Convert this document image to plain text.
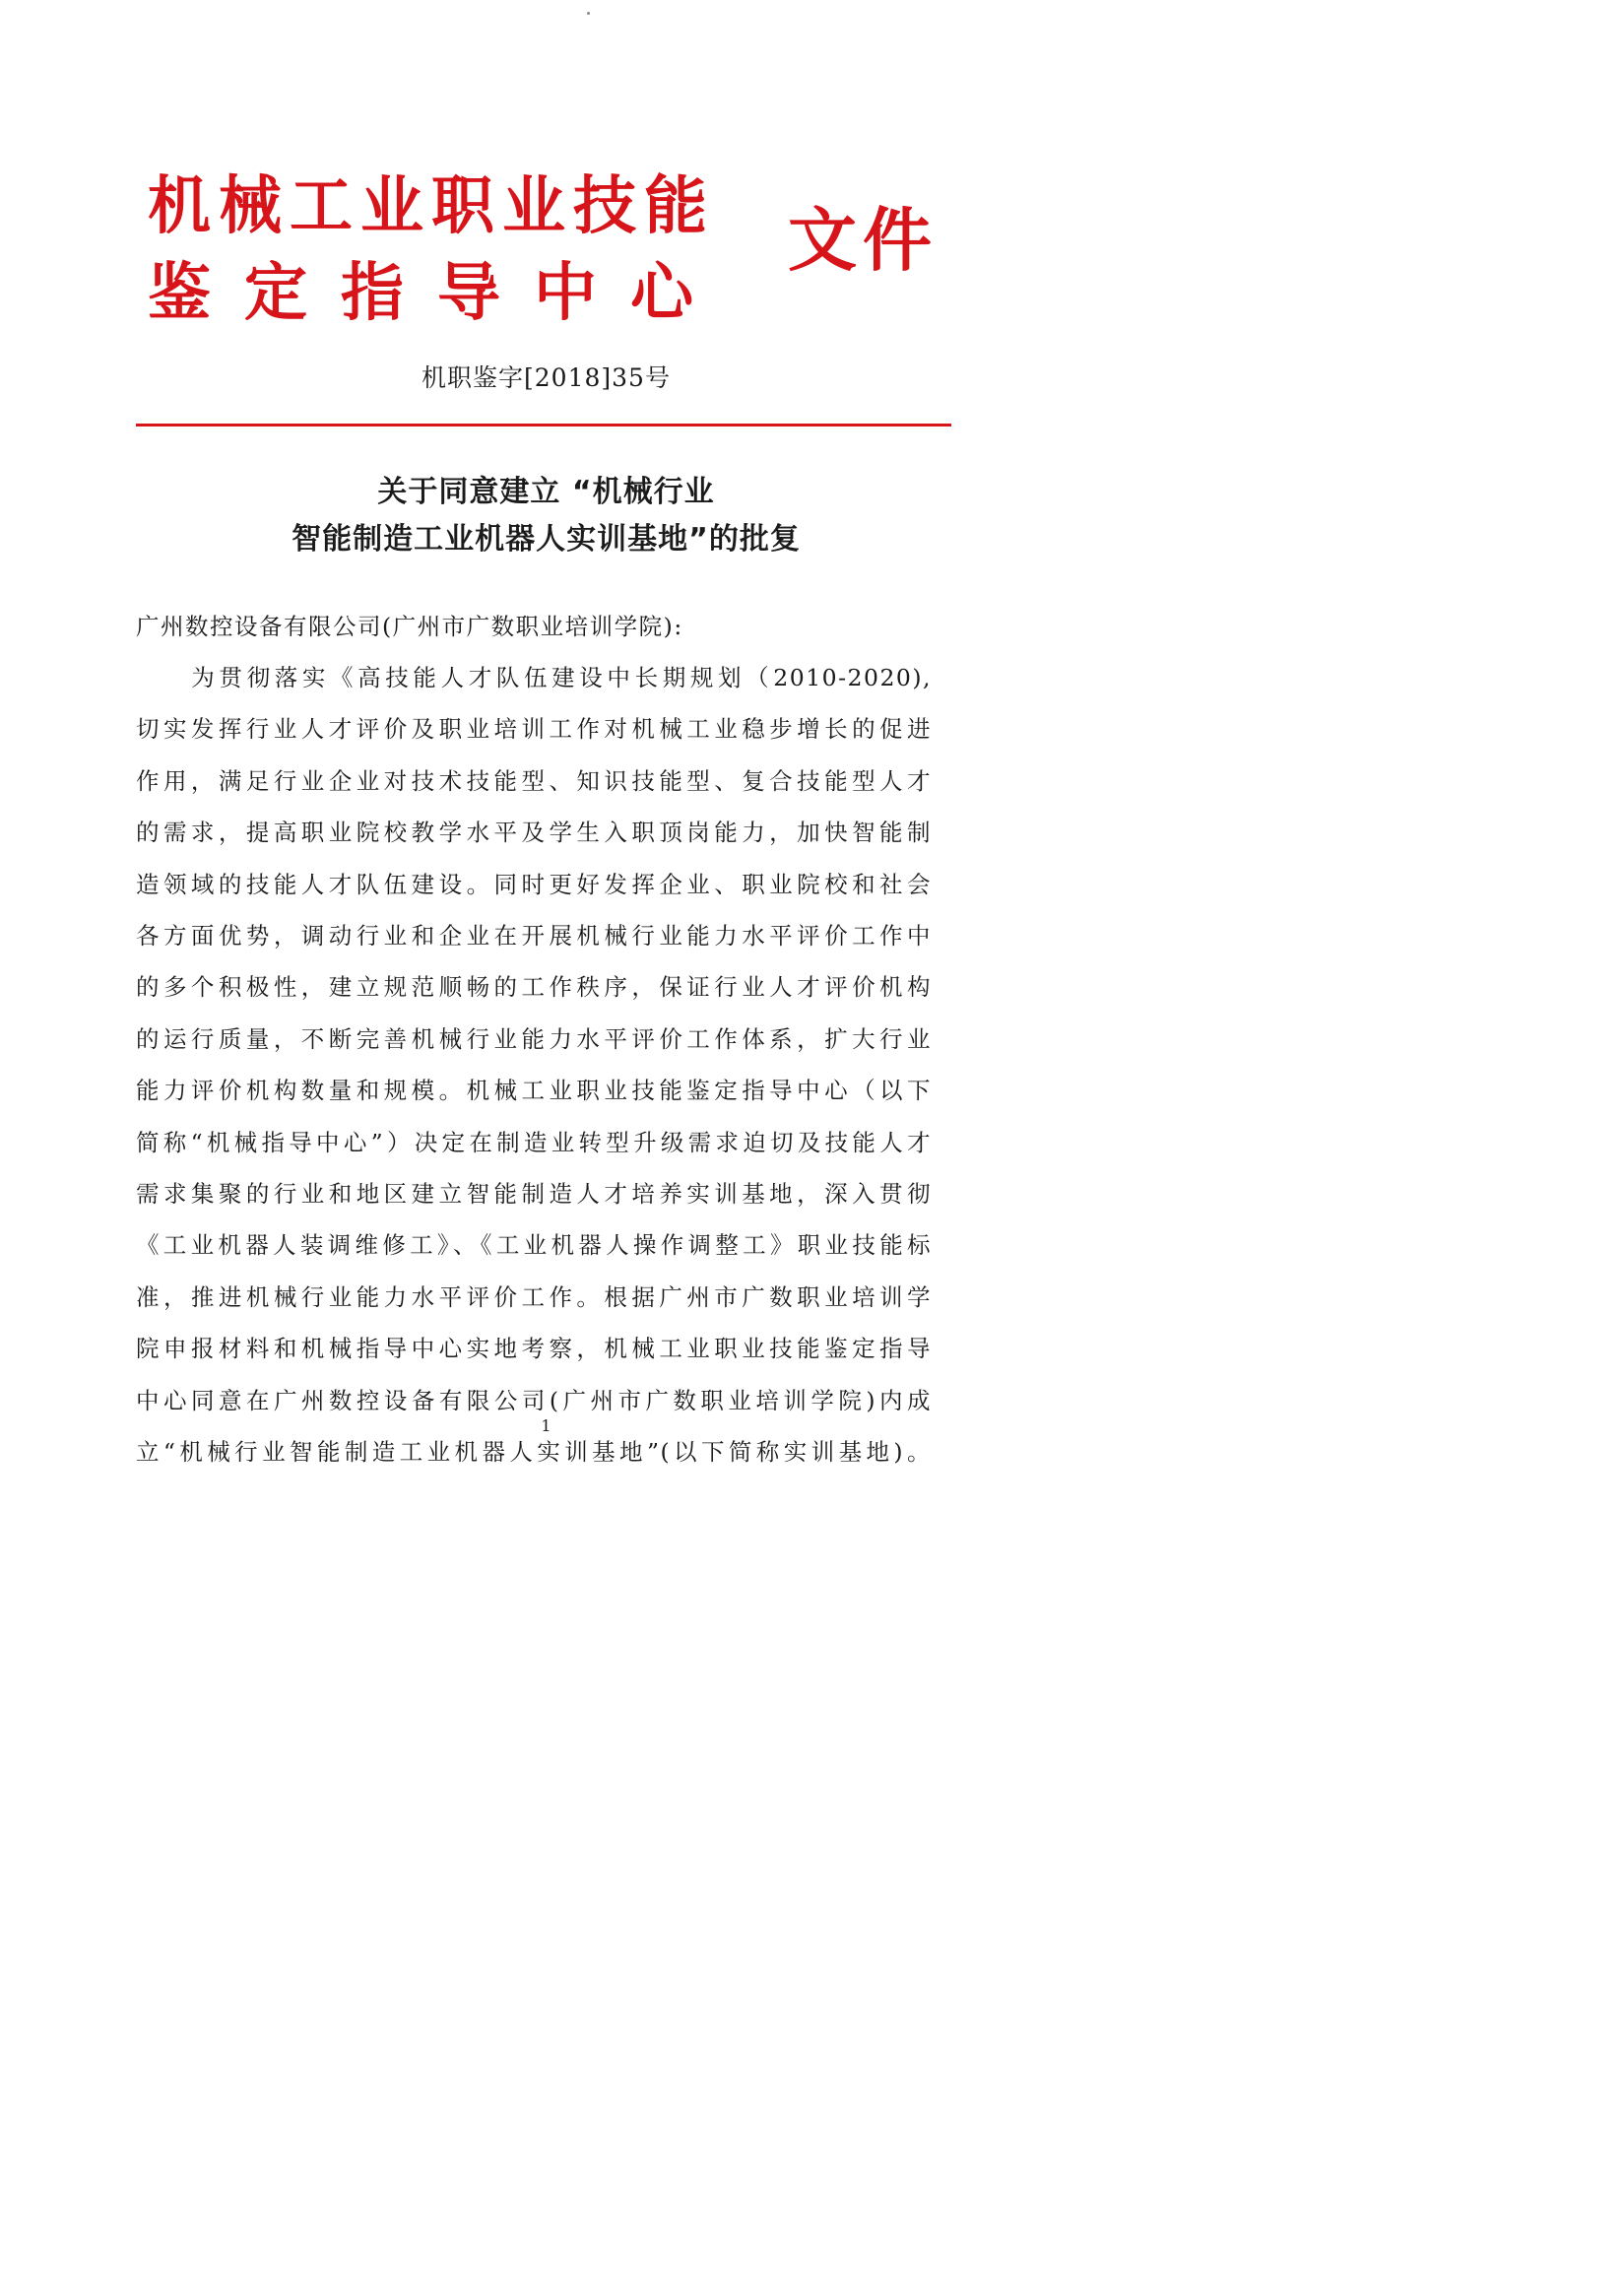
机械工业职业技能
鉴定指导中心
文件
机职鉴字[2018]35号
关于同意建立 “机械行业
智能制造工业机器人实训基地”的批复
广州数控设备有限公司(广州市广数职业培训学院):
　　为贯彻落实《高技能人才队伍建设中长期规划（2010-2020),
切实发挥行业人才评价及职业培训工作对机械工业稳步增长的促进
作用，满足行业企业对技术技能型、知识技能型、复合技能型人才
的需求，提高职业院校教学水平及学生入职顶岗能力，加快智能制
造领域的技能人才队伍建设。同时更好发挥企业、职业院校和社会
各方面优势，调动行业和企业在开展机械行业能力水平评价工作中
的多个积极性，建立规范顺畅的工作秩序，保证行业人才评价机构
的运行质量，不断完善机械行业能力水平评价工作体系，扩大行业
能力评价机构数量和规模。机械工业职业技能鉴定指导中心（以下
简称“机械指导中心”）决定在制造业转型升级需求迫切及技能人才
需求集聚的行业和地区建立智能制造人才培养实训基地，深入贯彻
《工业机器人装调维修工》、《工业机器人操作调整工》职业技能标
准，推进机械行业能力水平评价工作。根据广州市广数职业培训学
院申报材料和机械指导中心实地考察，机械工业职业技能鉴定指导
中心同意在广州数控设备有限公司(广州市广数职业培训学院)内成
立“机械行业智能制造工业机器人实训基地”(以下简称实训基地)。
1
